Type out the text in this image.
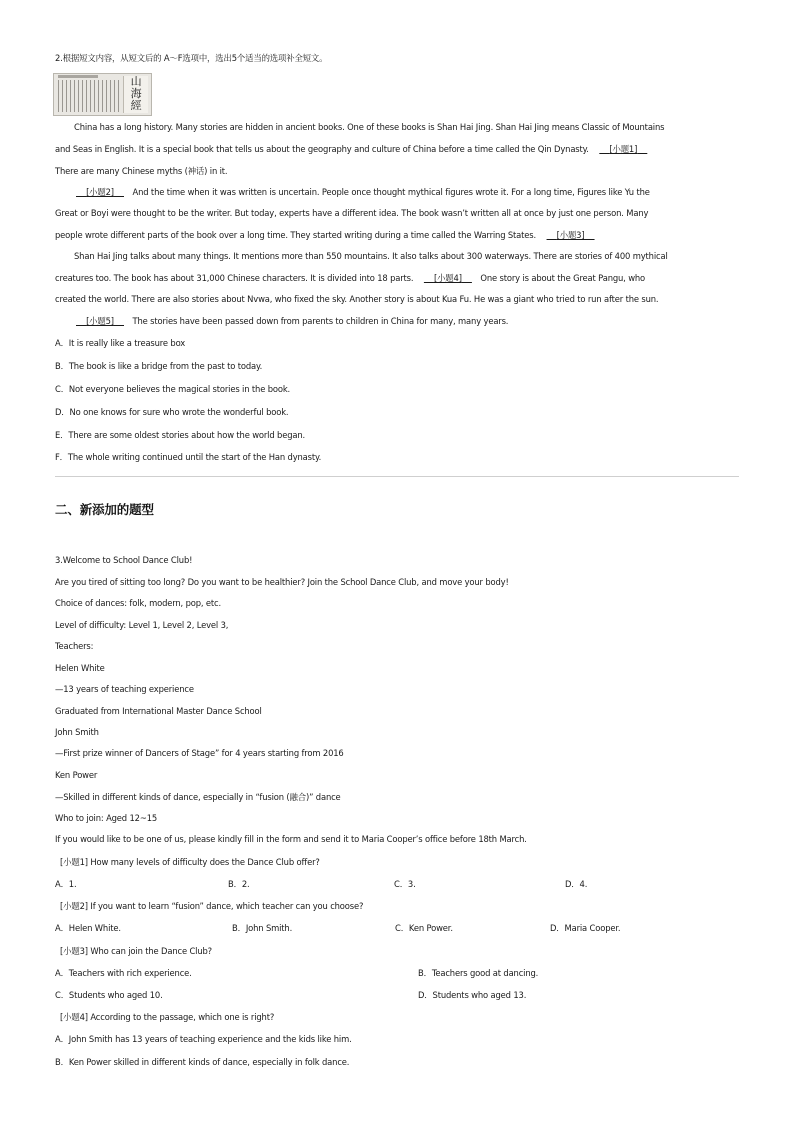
2.根据短文内容，从短文后的 A～F选项中，选出5个适当的选项补全短文。
山
海
經
China has a long history. Many stories are hidden in ancient books. One of these books is Shan Hai Jing. Shan Hai Jing means Classic of Mountains
and Seas in English. It is a special book that tells us about the geography and culture of China before a time called the Qin Dynasty. [小题1]
There are many Chinese myths (神话) in it.
[小题2] And the time when it was written is uncertain. People once thought mythical figures wrote it. For a long time, Figures like Yu the
Great or Boyi were thought to be the writer. But today, experts have a different idea. The book wasn’t written all at once by just one person. Many
people wrote different parts of the book over a long time. They started writing during a time called the Warring States. [小题3]
Shan Hai Jing talks about many things. It mentions more than 550 mountains. It also talks about 300 waterways. There are stories of 400 mythical
creatures too. The book has about 31,000 Chinese characters. It is divided into 18 parts. [小题4] One story is about the Great Pangu, who
created the world. There are also stories about Nvwa, who fixed the sky. Another story is about Kua Fu. He was a giant who tried to run after the sun.
[小题5] The stories have been passed down from parents to children in China for many, many years.
A．It is really like a treasure box
B．The book is like a bridge from the past to today.
C．Not everyone believes the magical stories in the book.
D．No one knows for sure who wrote the wonderful book.
E．There are some oldest stories about how the world began.
F．The whole writing continued until the start of the Han dynasty.
二、新添加的题型
3.Welcome to School Dance Club!
Are you tired of sitting too long? Do you want to be healthier? Join the School Dance Club, and move your body!
Choice of dances: folk, modern, pop, etc.
Level of difficulty: Level 1, Level 2, Level 3,
Teachers:
Helen White
—13 years of teaching experience
Graduated from International Master Dance School
John Smith
—First prize winner of Dancers of Stage” for 4 years starting from 2016
Ken Power
—Skilled in different kinds of dance, especially in “fusion (融合)” dance
Who to join: Aged 12~15
If you would like to be one of us, please kindly fill in the form and send it to Maria Cooper’s office before 18th March.
[小题1] How many levels of difficulty does the Dance Club offer?
A．1.	B．2.	C．3.	D．4.
[小题2] If you want to learn “fusion” dance, which teacher can you choose?
A．Helen White.	B．John Smith.	C．Ken Power.	D．Maria Cooper.
[小题3] Who can join the Dance Club?
A．Teachers with rich experience.	B．Teachers good at dancing.
C．Students who aged 10.	D．Students who aged 13.
[小题4] According to the passage, which one is right?
A．John Smith has 13 years of teaching experience and the kids like him.
B．Ken Power skilled in different kinds of dance, especially in folk dance.
